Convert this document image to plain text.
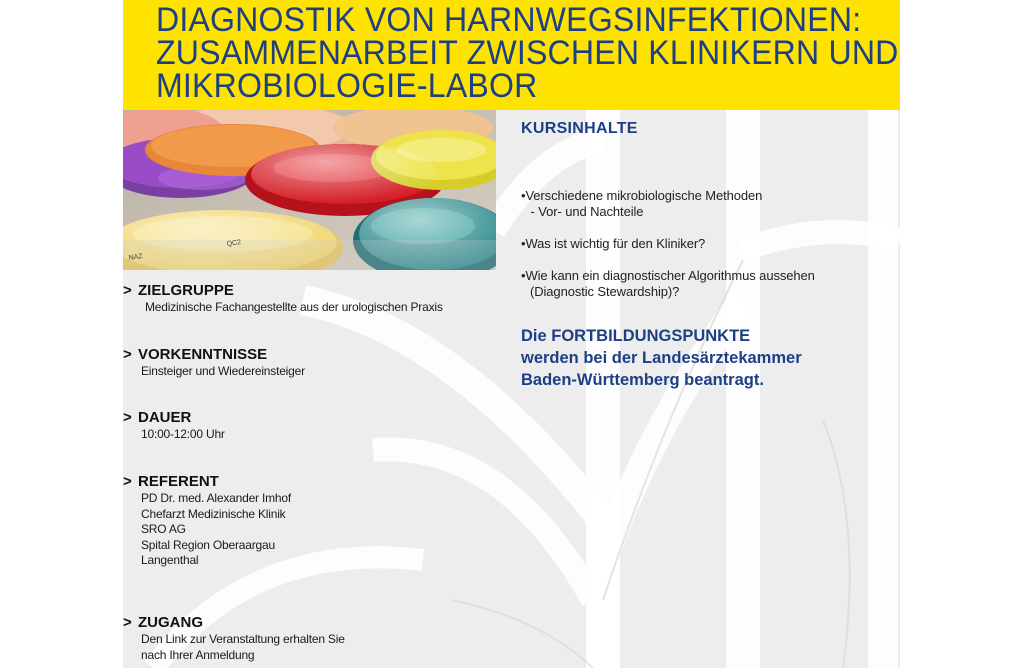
DIAGNOSTIK VON HARNWEGSINFEKTIONEN:
ZUSAMMENARBEIT ZWISCHEN KLINIKERN UND
MIKROBIOLOGIE-LABOR
NAZ
QC2
> ZIELGRUPPE
Medizinische Fachangestellte aus der urologischen Praxis
> VORKENNTNISSE
Einsteiger und Wiedereinsteiger
> DAUER
10:00-12:00 Uhr
> REFERENT
PD Dr. med. Alexander Imhof
Chefarzt Medizinische Klinik
SRO AG
Spital Region Oberaargau
Langenthal
> ZUGANG
Den Link zur Veranstaltung erhalten Sie
nach Ihrer Anmeldung
KURSINHALTE
•Verschiedene mikrobiologische Methoden
- Vor- und Nachteile
•Was ist wichtig für den Kliniker?
•Wie kann ein diagnostischer Algorithmus aussehen
(Diagnostic Stewardship)?
Die FORTBILDUNGSPUNKTE
werden bei der Landesärztekammer
Baden-Württemberg beantragt.
